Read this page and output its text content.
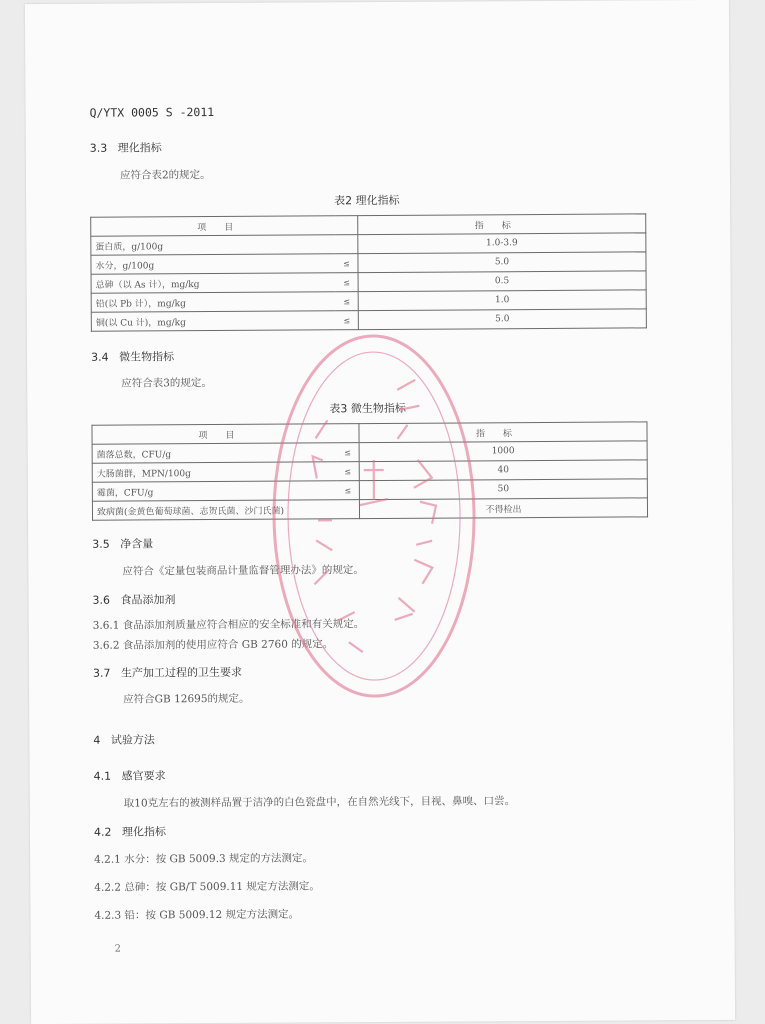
Q/YTX 0005 S -2011
3.3 理化指标
应符合表2的规定。
表2 理化指标
项目		指标
蛋白质，g/100g		1.0-3.9
水分，g/100g	≤	5.0
总砷（以 As 计），mg/kg	≤	0.5
铅(以 Pb 计），mg/kg	≤	1.0
铜(以 Cu 计)，mg/kg	≤	5.0
3.4 微生物指标
应符合表3的规定。
表3 微生物指标
项目		指标
菌落总数，CFU/g	≤	1000
大肠菌群，MPN/100g	≤	40
霉菌，CFU/g	≤	50
致病菌(金黄色葡萄球菌、志贺氏菌、沙门氏菌)		不得检出
3.5 净含量
应符合《定量包装商品计量监督管理办法》的规定。
3.6 食品添加剂
3.6.1 食品添加剂质量应符合相应的安全标准和有关规定。
3.6.2 食品添加剂的使用应符合 GB 2760 的规定。
3.7 生产加工过程的卫生要求
应符合GB 12695的规定。
4 试验方法
4.1 感官要求
取10克左右的被测样品置于洁净的白色瓷盘中，在自然光线下，目视、鼻嗅、口尝。
4.2 理化指标
4.2.1 水分：按 GB 5009.3 规定的方法测定。
4.2.2 总砷：按 GB/T 5009.11 规定方法测定。
4.2.3 铅：按 GB 5009.12 规定方法测定。
2
